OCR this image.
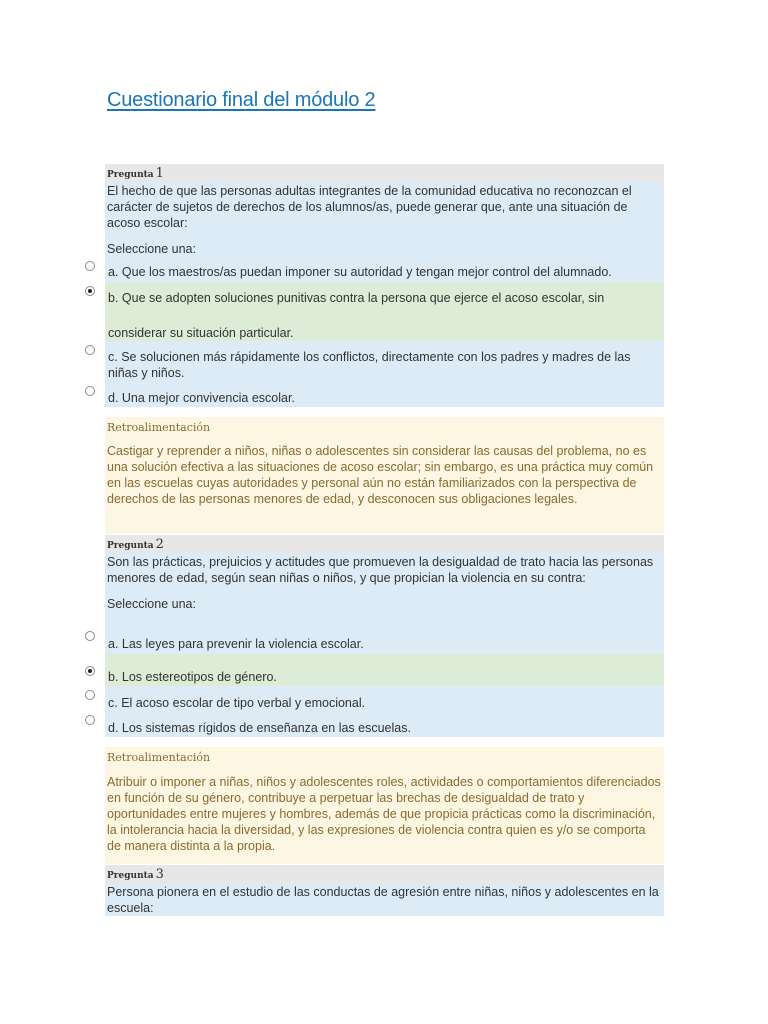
Cuestionario final del módulo 2
Pregunta 1
El hecho de que las personas adultas integrantes de la comunidad educativa no reconozcan el carácter de sujetos de derechos de los alumnos/as, puede generar que, ante una situación de acoso escolar:
Seleccione una:
a. Que los maestros/as puedan imponer su autoridad y tengan mejor control del alumnado.
b. Que se adopten soluciones punitivas contra la persona que ejerce el acoso escolar, sin
considerar su situación particular.
c. Se solucionen más rápidamente los conflictos, directamente con los padres y madres de las niñas y niños.
d. Una mejor convivencia escolar.
Retroalimentación
Castigar y reprender a niños, niñas o adolescentes sin considerar las causas del problema, no es una solución efectiva a las situaciones de acoso escolar; sin embargo, es una práctica muy común en las escuelas cuyas autoridades y personal aún no están familiarizados con la perspectiva de derechos de las personas menores de edad, y desconocen sus obligaciones legales.
Pregunta 2
Son las prácticas, prejuicios y actitudes que promueven la desigualdad de trato hacia las personas menores de edad, según sean niñas o niños, y que propician la violencia en su contra:
Seleccione una:
a. Las leyes para prevenir la violencia escolar.
b. Los estereotipos de género.
c. El acoso escolar de tipo verbal y emocional.
d. Los sistemas rígidos de enseñanza en las escuelas.
Retroalimentación
Atribuir o imponer a niñas, niños y adolescentes roles, actividades o comportamientos diferenciados en función de su género, contribuye a perpetuar las brechas de desigualdad de trato y oportunidades entre mujeres y hombres, además de que propicia prácticas como la discriminación, la intolerancia hacia la diversidad, y las expresiones de violencia contra quien es y/o se comporta de manera distinta a la propia.
Pregunta 3
Persona pionera en el estudio de las conductas de agresión entre niñas, niños y adolescentes en la escuela:
